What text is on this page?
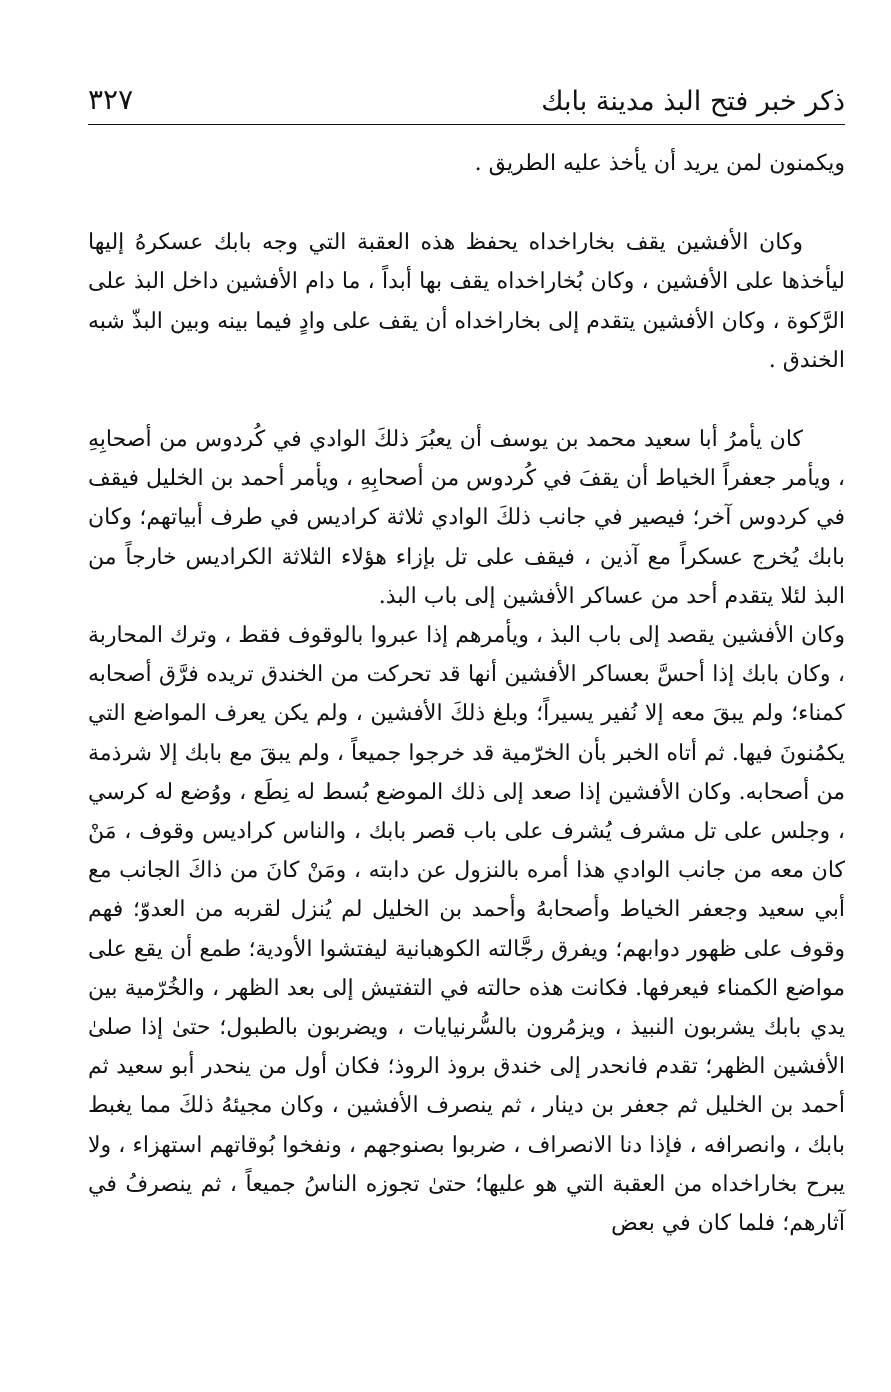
ذكر خبر فتح البذ مدينة بابك
٣٢٧

ويكمنون لمن يريد أن يأخذ عليه الطريق .

وكان الأفشين يقف بخاراخداه يحفظ هذه العقبة التي وجه بابك عسكرهُ إليها ليأخذها على الأفشين ، وكان بُخاراخداه يقف بها أبداً ، ما دام الأفشين داخل البذ على الرَّكوة ، وكان الأفشين يتقدم إلى بخاراخداه أن يقف على وادٍ فيما بينه وبين البذّ شبه الخندق .

كان يأمرُ أبا سعيد محمد بن يوسف أن يعبُرَ ذلكَ الوادي في كُردوس من أصحابِهِ ، ويأمر جعفراً الخياط أن يقفَ في كُردوس من أصحابِهِ ، ويأمر أحمد بن الخليل فيقف في كردوس آخر؛ فيصير في جانب ذلكَ الوادي ثلاثة كراديس في طرف أبياتهم؛ وكان بابك يُخرج عسكراً مع آذين ، فيقف على تل بإزاء هؤلاء الثلاثة الكراديس خارجاً من البذ لئلا يتقدم أحد من عساكر الأفشين إلى باب البذ.

وكان الأفشين يقصد إلى باب البذ ، ويأمرهم إذا عبروا بالوقوف فقط ، وترك المحاربة ، وكان بابك إذا أحسَّ بعساكر الأفشين أنها قد تحركت من الخندق تريده فرَّق أصحابه كمناء؛ ولم يبقَ معه إلا نُفير يسيراً؛ وبلغ ذلكَ الأفشين ، ولم يكن يعرف المواضع التي يكمُنونَ فيها. ثم أتاه الخبر بأن الخرّمية قد خرجوا جميعاً ، ولم يبقَ مع بابك إلا شرذمة من أصحابه. وكان الأفشين إذا صعد إلى ذلك الموضع بُسط له نِطَع ، ووُضع له كرسي ، وجلس على تل مشرف يُشرف على باب قصر بابك ، والناس كراديس وقوف ، مَنْ كان معه من جانب الوادي هذا أمره بالنزول عن دابته ، ومَنْ كانَ من ذاكَ الجانب مع أبي سعيد وجعفر الخياط وأصحابهُ وأحمد بن الخليل لم يُنزل لقربه من العدوّ؛ فهم وقوف على ظهور دوابهم؛ ويفرق رجَّالته الكوهبانية ليفتشوا الأودية؛ طمع أن يقع على مواضع الكمناء فيعرفها. فكانت هذه حالته في التفتيش إلى بعد الظهر ، والخُرّمية بين يدي بابك يشربون النبيذ ، ويزمُرون بالسُّرنيايات ، ويضربون بالطبول؛ حتىٰ إذا صلىٰ الأفشين الظهر؛ تقدم فانحدر إلى خندق بروذ الروذ؛ فكان أول من ينحدر أبو سعيد ثم أحمد بن الخليل ثم جعفر بن دينار ، ثم ينصرف الأفشين ، وكان مجيئهُ ذلكَ مما يغبط بابك ، وانصرافه ، فإذا دنا الانصراف ، ضربوا بصنوجهم ، ونفخوا بُوقاتهم استهزاء ، ولا يبرح بخاراخداه من العقبة التي هو عليها؛ حتىٰ تجوزه الناسُ جميعاً ، ثم ينصرفُ في آثارهم؛ فلما كان في بعض
